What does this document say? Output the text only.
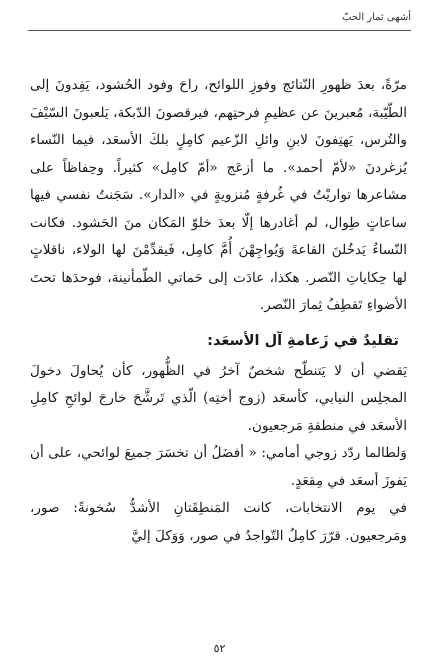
أشهى ثمار الحبّ

مرّةً، بعدَ ظهورِ النّتائج وفوزِ اللوائح، راحَ وفود الحُشود، يَفِدونَ إلى الطّيّبة، مُعبرينَ عن عظيمِ فرحتِهم، فيرقصونَ الدّبكة، يَلعبونَ السّيْفَ والتُرس، يَهتِفونَ لابنِ وائلِ الزّعيم كامِلٍ بلكَ الأسعَد، فيما النّساء يُزغردنَ «لأمّ أحمد». ما أزعَج «أمّ كامِل» كثيراً. وحِفاظاً على مشاعرها تواريْتُ في غُرفةٍ مُنزويةٍ في «الدار». سَجَنتُ نفسي فيها ساعاتٍ طِوال، لم أغادرها إلّا بعدَ خلوّ المَكان منَ الحَشود. فكانت النّساءُ يَدخُلنَ القاعةَ وَيُواجِهْنَ أُمَّ كامِل، فَيقدِّمْنَ لها الولاء، ناقلاتٍ لها حِكاياتِ النّصر. هكذا، عادَت إلى حَماتي الطّمأنينة، فوحدَها تحتَ الأضواءِ تَقطِفُ ثِمارَ النّصر.

تقليدٌ في زَعامةِ آل الأسعَد:

يَقضي أن لا يَتنطّح شخصٌ آخرُ في الظُّهور، كأن يُحاولَ دخولَ المجلِس النيابي، كأسعَد (زوج أختِه) الّذي تَرشَّحَ خارجَ لوائحِ كامِلِ الأسعَد في منطقةِ مَرجعيون.

وَلطالما ردّد زوجي أمامي: « أفضَلُ أن تخسَرَ جميعَ لوائحي، على أن يَفوزَ أسعَد في مِقعَدٍ.

في يوم الانتخابات، كانت المَنطِقَتانِ الأشدُّ سُخونةً: صور، ومَرجعيون. قرّرَ كامِلُ التّواجدُ في صور، وَوَكلَ إليَّ

٥٢
